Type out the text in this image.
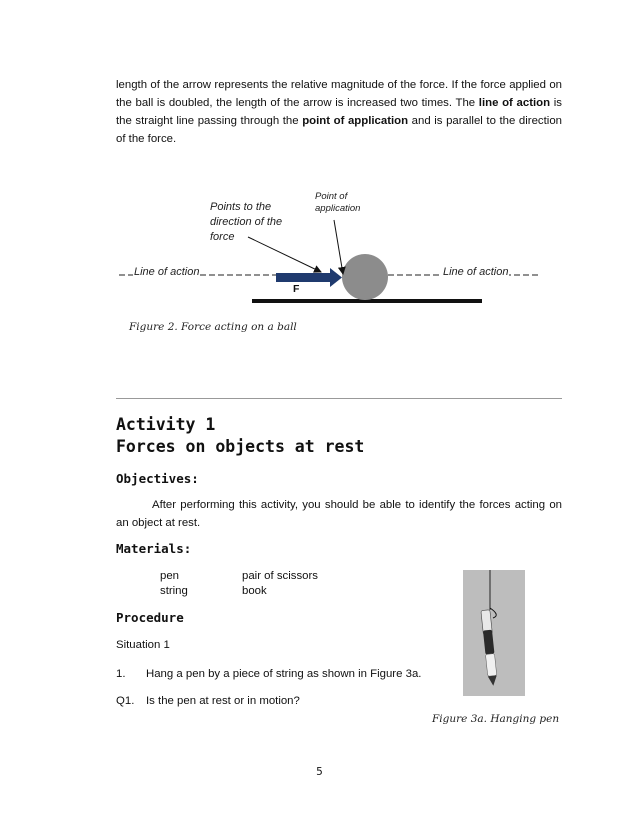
length of the arrow represents the relative magnitude of the force. If the force applied on the ball is doubled, the length of the arrow is increased two times. The line of action is the straight line passing through the point of application and is parallel to the direction of the force.
Point of application
Points to the direction of the force
Line of action	Line of action
F
Figure 2. Force acting on a ball
Activity 1
Forces on objects at rest
Objectives:
After performing this activity, you should be able to identify the forces acting on an object at rest.
Materials:
pen	pair of scissors
string	book
Procedure
Situation 1
1. Hang a pen by a piece of string as shown in Figure 3a.
Q1. Is the pen at rest or in motion?
Figure 3a. Hanging pen
5
